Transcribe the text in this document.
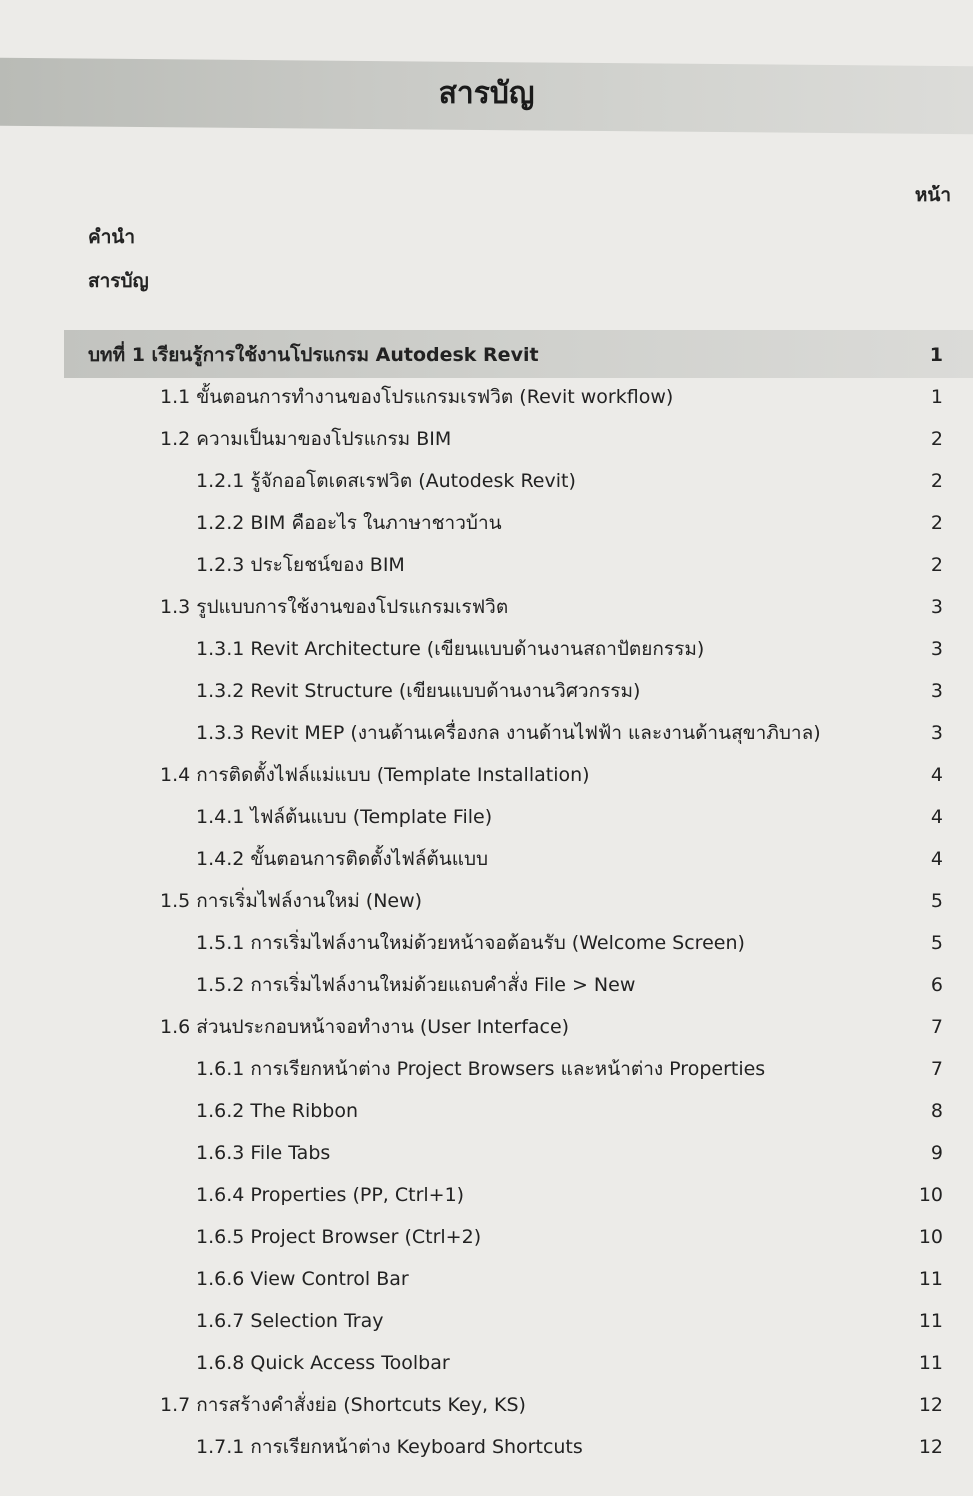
สารบัญ
หน้า
คำนำ
สารบัญ
บทที่ 1 เรียนรู้การใช้งานโปรแกรม Autodesk Revit	1
1.1 ขั้นตอนการทำงานของโปรแกรมเรฟวิต (Revit workflow)	1
1.2 ความเป็นมาของโปรแกรม BIM	2
1.2.1 รู้จักออโตเดสเรฟวิต (Autodesk Revit)	2
1.2.2 BIM คืออะไร ในภาษาชาวบ้าน	2
1.2.3 ประโยชน์ของ BIM	2
1.3 รูปแบบการใช้งานของโปรแกรมเรฟวิต	3
1.3.1 Revit Architecture (เขียนแบบด้านงานสถาปัตยกรรม)	3
1.3.2 Revit Structure (เขียนแบบด้านงานวิศวกรรม)	3
1.3.3 Revit MEP (งานด้านเครื่องกล งานด้านไฟฟ้า และงานด้านสุขาภิบาล)	3
1.4 การติดตั้งไฟล์แม่แบบ (Template Installation)	4
1.4.1 ไฟล์ต้นแบบ (Template File)	4
1.4.2 ขั้นตอนการติดตั้งไฟล์ต้นแบบ	4
1.5 การเริ่มไฟล์งานใหม่ (New)	5
1.5.1 การเริ่มไฟล์งานใหม่ด้วยหน้าจอต้อนรับ (Welcome Screen)	5
1.5.2 การเริ่มไฟล์งานใหม่ด้วยแถบคำสั่ง File > New	6
1.6 ส่วนประกอบหน้าจอทำงาน (User Interface)	7
1.6.1 การเรียกหน้าต่าง Project Browsers และหน้าต่าง Properties	7
1.6.2 The Ribbon	8
1.6.3 File Tabs	9
1.6.4 Properties (PP, Ctrl+1)	10
1.6.5 Project Browser (Ctrl+2)	10
1.6.6 View Control Bar	11
1.6.7 Selection Tray	11
1.6.8 Quick Access Toolbar	11
1.7 การสร้างคำสั่งย่อ (Shortcuts Key, KS)	12
1.7.1 การเรียกหน้าต่าง Keyboard Shortcuts	12
